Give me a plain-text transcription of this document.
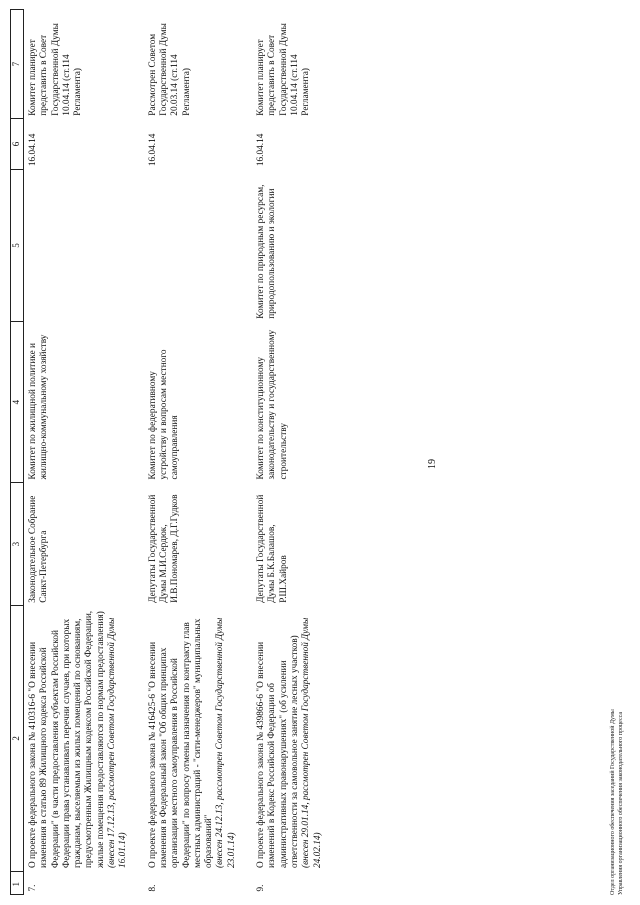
19
1	2	3	4	5	6	7
7.	О проекте федерального закона № 410316-6 "О внесении изменения в статью 89 Жилищного кодекса Российской Федерации" (в части предоставления субъектам Российской Федерации права устанавливать перечни случаев, при которых гражданам, выселяемым из жилых помещений по основаниям, предусмотренным Жилищным кодексом Российской Федерации, жилые помещения предоставляются по нормам предоставления) (внесен 17.12.13, рассмотрен Советом Государственной Думы 16.01.14)	Законодательное Собрание Санкт-Петербурга	Комитет по жилищной политике и жилищно-коммунальному хозяйству		16.04.14	Комитет планирует представить в Совет Государственной Думы 10.04.14 (ст.114 Регламента)
8.	О проекте федерального закона № 416425-6 "О внесении изменения в Федеральный закон "Об общих принципах организации местного самоуправления в Российской Федерации" по вопросу отмены назначения по контракту глав местных администраций - "сити-менеджеров" муниципальных образований" (внесен 24.12.13, рассмотрен Советом Государственной Думы 23.01.14)	Депутаты Государственной Думы М.И.Сердюк, И.В.Пономарев, Д.Г.Гудков	Комитет по федеративному устройству и вопросам местного самоуправления		16.04.14	Рассмотрен Советом Государственной Думы 20.03.14 (ст.114 Регламента)
9.	О проекте федерального закона № 439866-6 "О внесении изменений в Кодекс Российской Федерации об административных правонарушениях" (об усилении ответственности за самовольное занятие лесных участков) (внесен 29.01.14, рассмотрен Советом Государственной Думы 24.02.14)	Депутаты Государственной Думы Б.К.Балашов, Р.Ш.Хайров	Комитет по конституционному законодательству и государственному строительству	Комитет по природным ресурсам, природопользованию и экологии	16.04.14	Комитет планирует представить в Совет Государственной Думы 10.04.14 (ст.114 Регламента)
Отдел организационного обеспечения заседаний Государственной Думы Управления организационного обеспечения законодательного процесса
